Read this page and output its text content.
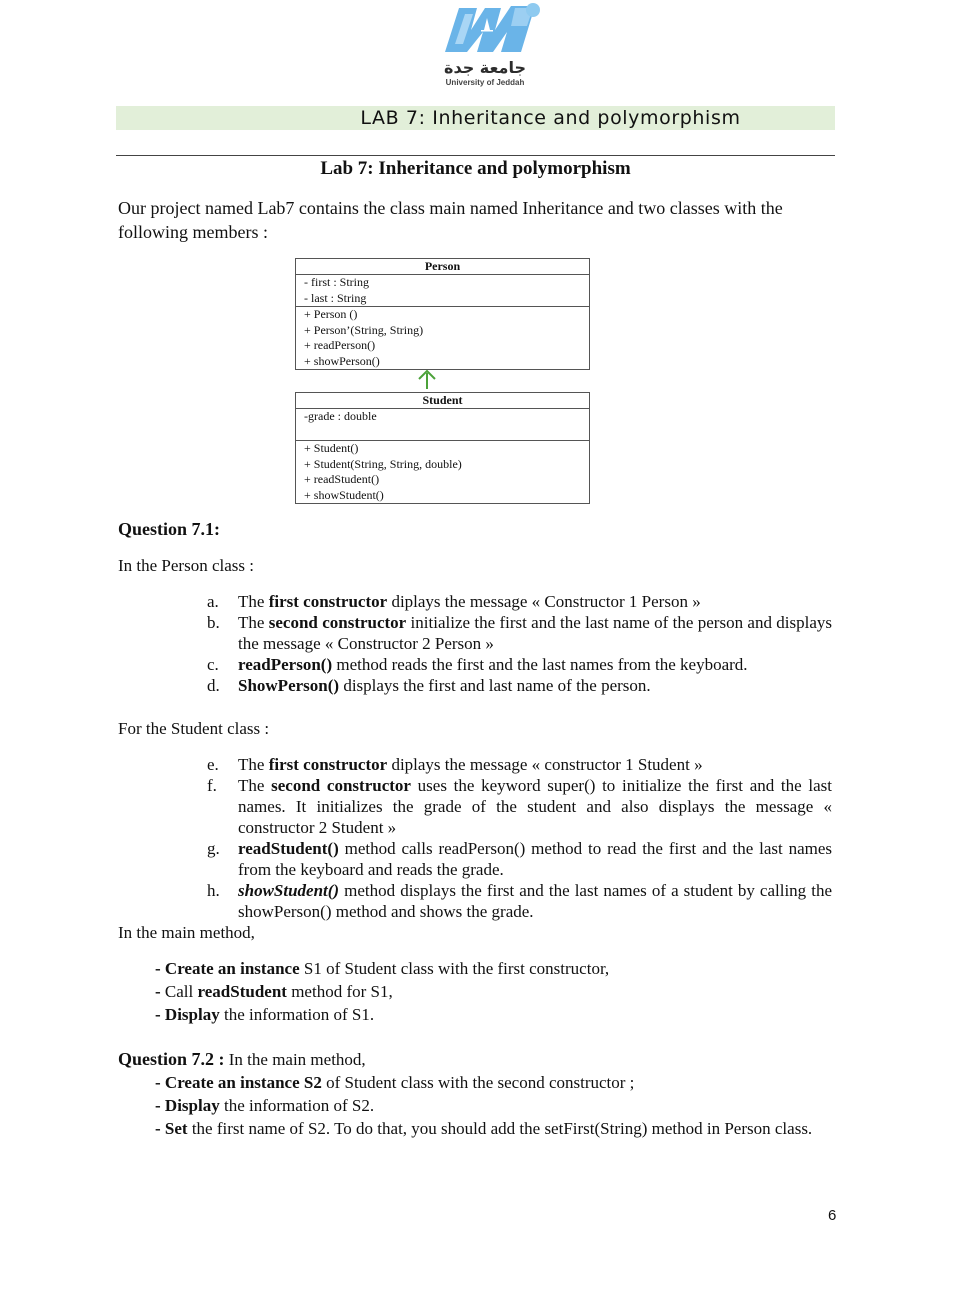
جامعة جدة
University of Jeddah
LAB 7: Inheritance and polymorphism
Lab 7: Inheritance and polymorphism
Our project named Lab7 contains the class main named Inheritance and two classes with the following members :
Person
- first : String
- last : String
+ Person ()
+ Person’(String, String)
+ readPerson()
+ showPerson()
Student
-grade : double
+ Student()
+ Student(String, String, double)
+ readStudent()
+ showStudent()
Question 7.1:
In the Person class :
a.	The first constructor diplays the message « Constructor 1 Person »
b.	The second constructor initialize the first and the last name of the person and displays the message « Constructor 2 Person »
c.	readPerson() method reads the first and the last names from the keyboard.
d.	ShowPerson() displays the first and last name of the person.
For the Student class :
e.	The first constructor diplays the message « constructor 1 Student »
f.	The second constructor uses the keyword super() to initialize the first and the last names. It initializes the grade of the student and also displays the message « constructor 2 Student »
g.	readStudent() method calls readPerson() method to read the first and the last names from the keyboard and reads the grade.
h.	showStudent() method displays the first and the last names of a student by calling the showPerson() method and shows the grade.
In the main method,
- Create an instance S1 of Student class with the first constructor,
- Call readStudent method for S1,
- Display the information of S1.
Question 7.2 : In the main method,
- Create an instance S2 of Student class with the second constructor ;
- Display the information of S2.
- Set the first name of S2. To do that, you should add the setFirst(String) method in Person class.
6
